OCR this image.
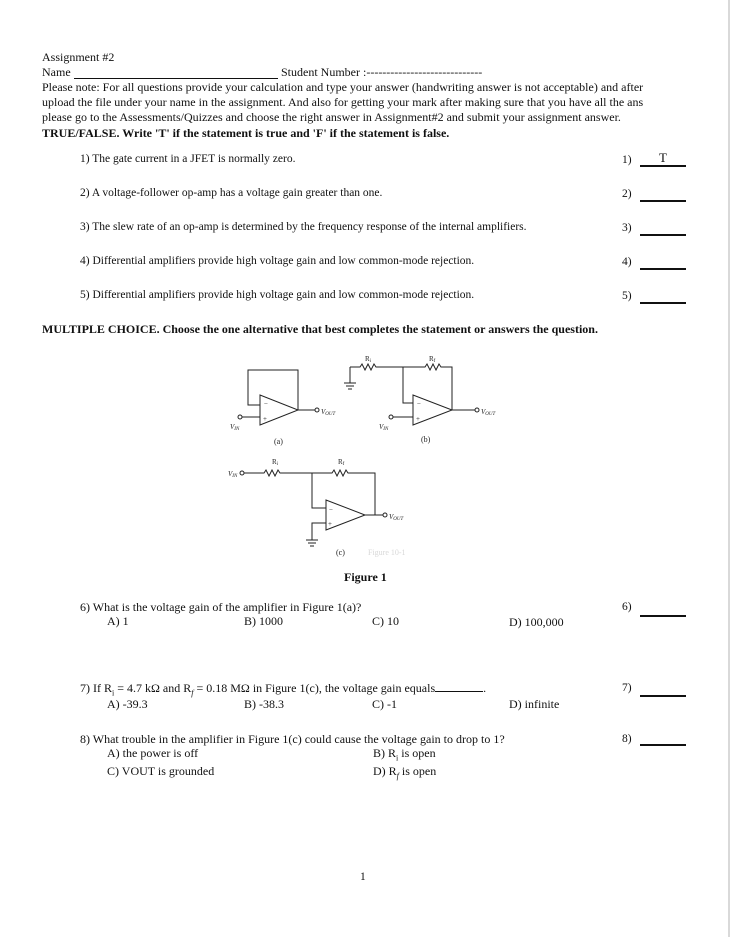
Assignment #2
Name	Student Number :-----------------------------
Please note: For all questions provide your calculation and type your answer (handwriting answer is not acceptable) and after
upload the file under your name in the assignment. And also for getting your mark after making sure that you have all the ans
please go to the Assessments/Quizzes and choose the right answer in Assignment#2 and submit your assignment answer.
TRUE/FALSE. Write 'T' if the statement is true and 'F' if the statement is false.
1) The gate current in a JFET is normally zero.	1)	T
2) A voltage-follower op-amp has a voltage gain greater than one.	2)
3) The slew rate of an op-amp is determined by the frequency response of the internal amplifiers.	3)
4) Differential amplifiers provide high voltage gain and low common-mode rejection.	4)
5) Differential amplifiers provide high voltage gain and low common-mode rejection.	5)
MULTIPLE CHOICE. Choose the one alternative that best completes the statement or answers the question.
−
+
VIN
VOUT
(a)
−
+
Ri	Rf
VIN
VOUT
(b)
−
+
Ri	Rf
VIN
VOUT
(c)	Figure 10-1
Figure 1
6) What is the voltage gain of the amplifier in Figure 1(a)?	6)
A) 1	B) 1000	C) 10	D) 100,000
7) If $R_i = 4.7$ kΩ and $R_f = 0.18$ MΩ in Figure 1(c), the voltage gain equals	.	7)
A) -39.3	B) -38.3	C) -1	D) infinite
8) What trouble in the amplifier in Figure 1(c) could cause the voltage gain to drop to 1?	8)
A) the power is off	B) $R_i$ is open
C) VOUT is grounded	D) $R_f$ is open
1
